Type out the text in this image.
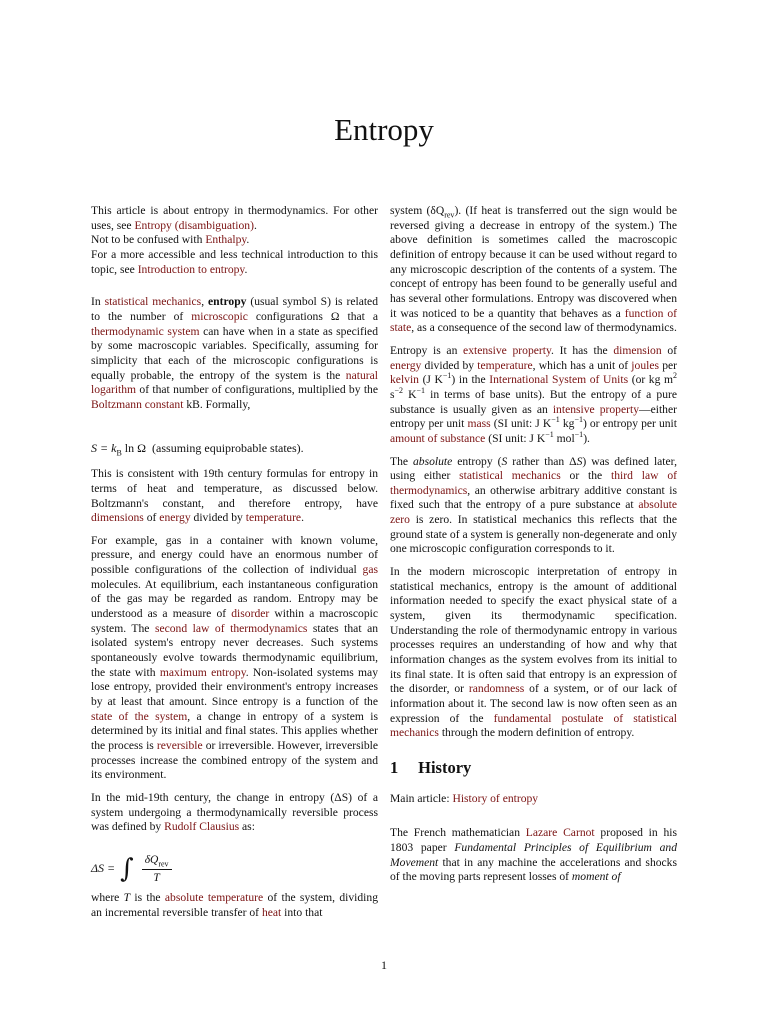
Entropy

This article is about entropy in thermodynamics. For other uses, see Entropy (disambiguation).

Not to be confused with Enthalpy.

For a more accessible and less technical introduction to this topic, see Introduction to entropy.

In statistical mechanics, entropy (usual symbol S) is related to the number of microscopic configurations Ω that a thermodynamic system can have when in a state as specified by some macroscopic variables. Specifically, assuming for simplicity that each of the microscopic configurations is equally probable, the entropy of the system is the natural logarithm of that number of configurations, multiplied by the Boltzmann constant kB. Formally,

$S = k_B$ ln Ω (assuming equiprobable states).

This is consistent with 19th century formulas for entropy in terms of heat and temperature, as discussed below. Boltzmann's constant, and therefore entropy, have dimensions of energy divided by temperature.

For example, gas in a container with known volume, pressure, and energy could have an enormous number of possible configurations of the collection of individual gas molecules. At equilibrium, each instantaneous configuration of the gas may be regarded as random. Entropy may be understood as a measure of disorder within a macroscopic system. The second law of thermodynamics states that an isolated system's entropy never decreases. Such systems spontaneously evolve towards thermodynamic equilibrium, the state with maximum entropy. Non-isolated systems may lose entropy, provided their environment's entropy increases by at least that amount. Since entropy is a function of the state of the system, a change in entropy of a system is determined by its initial and final states. This applies whether the process is reversible or irreversible. However, irreversible processes increase the combined entropy of the system and its environment.

In the mid-19th century, the change in entropy (ΔS) of a system undergoing a thermodynamically reversible process was defined by Rudolf Clausius as:

ΔS = ∫ $\frac{\delta Q_{rev}}{T}$

where T is the absolute temperature of the system, dividing an incremental reversible transfer of heat into that

system $(\delta Q_{rev})$. (If heat is transferred out the sign would be reversed giving a decrease in entropy of the system.) The above definition is sometimes called the macroscopic definition of entropy because it can be used without regard to any microscopic description of the contents of a system. The concept of entropy has been found to be generally useful and has several other formulations. Entropy was discovered when it was noticed to be a quantity that behaves as a function of state, as a consequence of the second law of thermodynamics.

Entropy is an extensive property. It has the dimension of energy divided by temperature, which has a unit of joules per kelvin (J $K^{-1}$) in the International System of Units (or kg $m^2$ $s^{-2}$ $K^{-1}$ in terms of base units). But the entropy of a pure substance is usually given as an intensive property—either entropy per unit mass (SI unit: J $K^{-1}$ $kg^{-1}$) or entropy per unit amount of substance (SI unit: J $K^{-1}$ mol$^{-1}$).

The absolute entropy (S rather than ΔS) was defined later, using either statistical mechanics or the third law of thermodynamics, an otherwise arbitrary additive constant is fixed such that the entropy of a pure substance at absolute zero is zero. In statistical mechanics this reflects that the ground state of a system is generally non-degenerate and only one microscopic configuration corresponds to it.

In the modern microscopic interpretation of entropy in statistical mechanics, entropy is the amount of additional information needed to specify the exact physical state of a system, given its thermodynamic specification. Understanding the role of thermodynamic entropy in various processes requires an understanding of how and why that information changes as the system evolves from its initial to its final state. It is often said that entropy is an expression of the disorder, or randomness of a system, or of our lack of information about it. The second law is now often seen as an expression of the fundamental postulate of statistical mechanics through the modern definition of entropy.

1 History

Main article: History of entropy

The French mathematician Lazare Carnot proposed in his 1803 paper Fundamental Principles of Equilibrium and Movement that in any machine the accelerations and shocks of the moving parts represent losses of moment of

1
